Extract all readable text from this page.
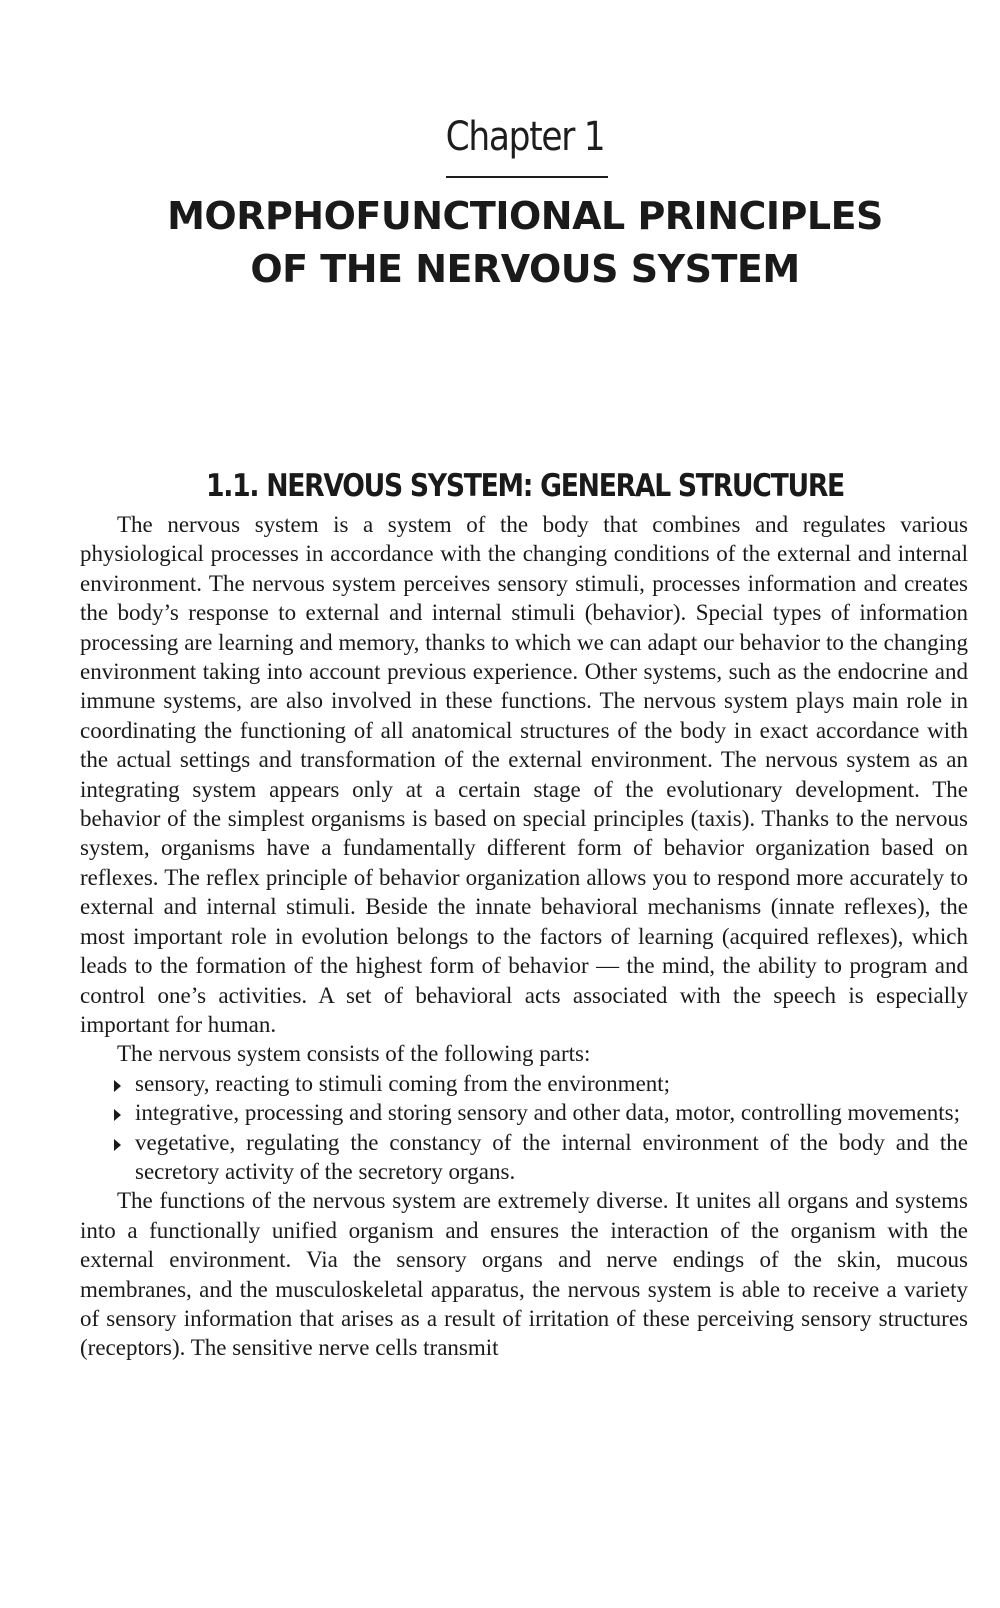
Chapter 1
MORPHOFUNCTIONAL PRINCIPLES
OF THE NERVOUS SYSTEM
1.1. NERVOUS SYSTEM: GENERAL STRUCTURE

The nervous system is a system of the body that combines and regulates various physiological processes in accordance with the changing conditions of the external and internal environment. The nervous system perceives sensory stimuli, processes information and creates the body’s response to external and internal stimuli (behavior). Special types of information processing are learning and memory, thanks to which we can adapt our behavior to the changing environment taking into account previous experience. Other systems, such as the endocrine and immune systems, are also involved in these functions. The nervous system plays main role in coordinating the functioning of all anatomical structures of the body in exact accordance with the actual settings and transformation of the external environment. The nervous system as an integrating system appears only at a certain stage of the evolutionary development. The behavior of the simplest organisms is based on special principles (taxis). Thanks to the nervous system, organisms have a fundamentally different form of behavior organization based on reflexes. The reflex principle of behavior organization allows you to respond more accurately to external and internal stimuli. Beside the innate behavioral mechanisms (innate reflexes), the most important role in evolution belongs to the factors of learning (acquired reflexes), which leads to the formation of the highest form of behavior — the mind, the ability to program and control one’s activities. A set of behavioral acts associated with the speech is especially important for human.

The nervous system consists of the following parts:

sensory, reacting to stimuli coming from the environment;
integrative, processing and storing sensory and other data, motor, controlling movements;
vegetative, regulating the constancy of the internal environment of the body and the secretory activity of the secretory organs.

The functions of the nervous system are extremely diverse. It unites all organs and systems into a functionally unified organism and ensures the interaction of the organism with the external environment. Via the sensory organs and nerve endings of the skin, mucous membranes, and the musculoskeletal apparatus, the nervous system is able to receive a variety of sensory information that arises as a result of irritation of these perceiving sensory structures (receptors). The sensitive nerve cells transmit
